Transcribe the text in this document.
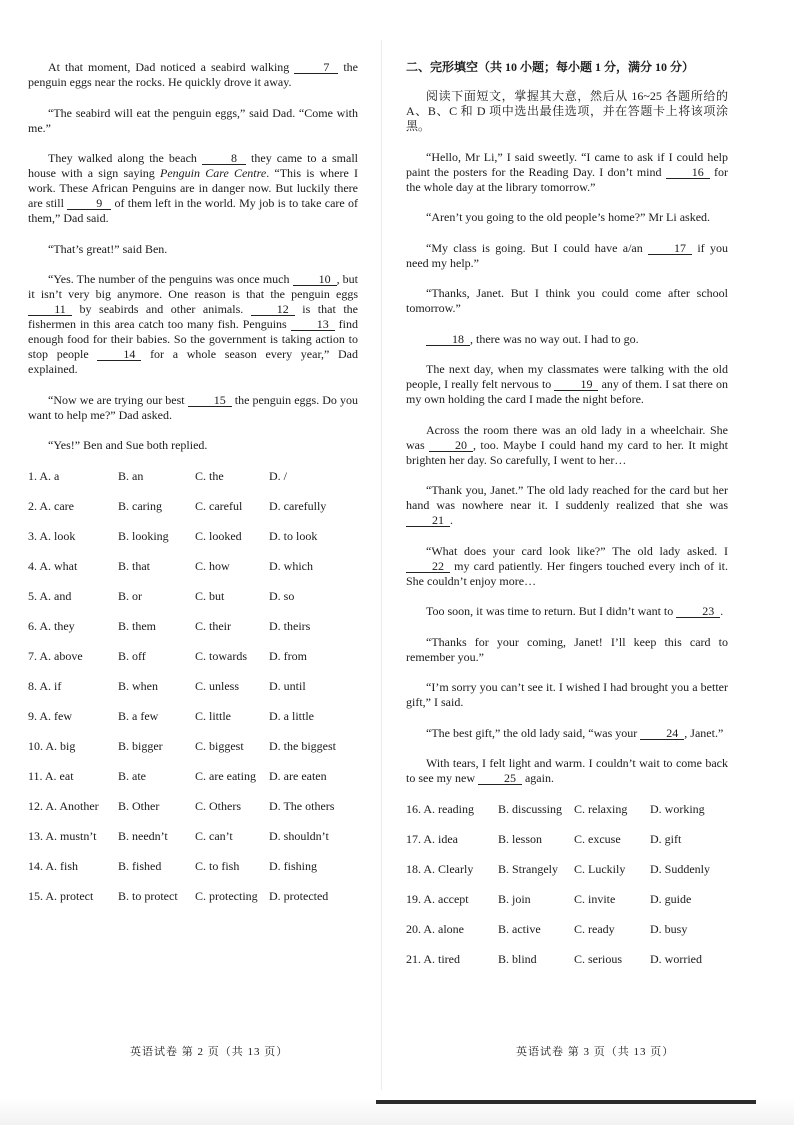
At that moment, Dad noticed a seabird walking 7 the penguin eggs near the rocks. He quickly drove it away.

“The seabird will eat the penguin eggs,” said Dad. “Come with me.”

They walked along the beach 8 they came to a small house with a sign saying Penguin Care Centre. “This is where I work. These African Penguins are in danger now. But luckily there are still 9 of them left in the world. My job is to take care of them,” Dad said.

“That’s great!” said Ben.

“Yes. The number of the penguins was once much 10 , but it isn’t very big anymore. One reason is that the penguin eggs 11 by seabirds and other animals. 12 is that the fishermen in this area catch too many fish. Penguins 13 find enough food for their babies. So the government is taking action to stop people 14 for a whole season every year,” Dad explained.

“Now we are trying our best 15 the penguin eggs. Do you want to help me?” Dad asked.

“Yes!” Ben and Sue both replied.

1. A. a	B. an	C. the	D. /
2. A. care	B. caring	C. careful	D. carefully
3. A. look	B. looking	C. looked	D. to look
4. A. what	B. that	C. how	D. which
5. A. and	B. or	C. but	D. so
6. A. they	B. them	C. their	D. theirs
7. A. above	B. off	C. towards	D. from
8. A. if	B. when	C. unless	D. until
9. A. few	B. a few	C. little	D. a little
10. A. big	B. bigger	C. biggest	D. the biggest
11. A. eat	B. ate	C. are eating	D. are eaten
12. A. Another	B. Other	C. Others	D. The others
13. A. mustn’t	B. needn’t	C. can’t	D. shouldn’t
14. A. fish	B. fished	C. to fish	D. fishing
15. A. protect	B. to protect	C. protecting D. protected
二、完形填空（共 10 小题；每小题 1 分，满分 10 分）

阅读下面短文，掌握其大意，然后从 16~25 各题所给的 A、B、C 和 D 项中选出最佳选项，并在答题卡上将该项涂黑。

“Hello, Mr Li,” I said sweetly. “I came to ask if I could help paint the posters for the Reading Day. I don’t mind 16 for the whole day at the library tomorrow.”

“Aren’t you going to the old people’s home?” Mr Li asked.

“My class is going. But I could have a/an 17 if you need my help.”

“Thanks, Janet. But I think you could come after school tomorrow.”

18 , there was no way out. I had to go.

The next day, when my classmates were talking with the old people, I really felt nervous to 19 any of them. I sat there on my own holding the card I made the night before.

Across the room there was an old lady in a wheelchair. She was 20 , too. Maybe I could hand my card to her. It might brighten her day. So carefully, I went to her…

“Thank you, Janet.” The old lady reached for the card but her hand was nowhere near it. I suddenly realized that she was 21 .

“What does your card look like?” The old lady asked. I 22 my card patiently. Her fingers touched every inch of it. She couldn’t enjoy more…

Too soon, it was time to return. But I didn’t want to 23 .

“Thanks for your coming, Janet! I’ll keep this card to remember you.”

“I’m sorry you can’t see it. I wished I had brought you a better gift,” I said.

“The best gift,” the old lady said, “was your 24 , Janet.”

With tears, I felt light and warm. I couldn’t wait to come back to see my new 25 again.

16. A. reading	B. discussing C. relaxing	D. working
17. A. idea	B. lesson	C. excuse	D. gift
18. A. Clearly	B. Strangely	C. Luckily	D. Suddenly
19. A. accept	B. join	C. invite	D. guide
20. A. alone	B. active	C. ready	D. busy
21. A. tired	B. blind	C. serious	D. worried
英语试卷 第 2 页（共 13 页）	英语试卷 第 3 页（共 13 页）
